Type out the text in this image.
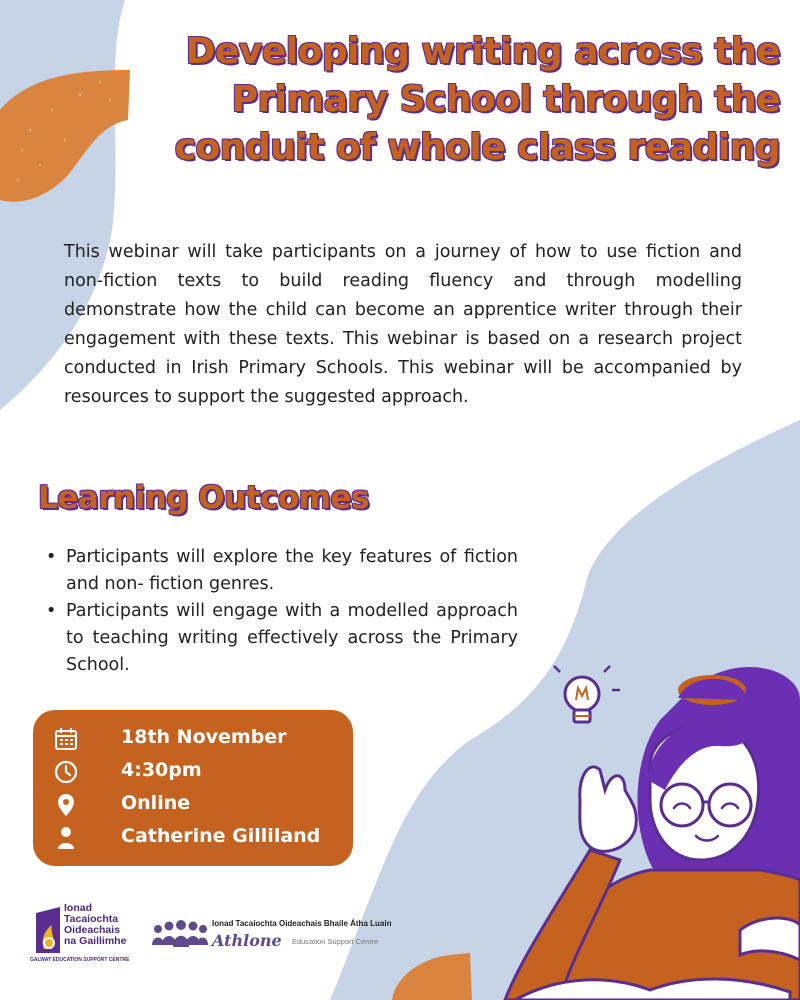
Developing writing across the Primary School through the conduit of whole class reading

This webinar will take participants on a journey of how to use fiction and non-fiction texts to build reading fluency and through modelling demonstrate how the child can become an apprentice writer through their engagement with these texts. This webinar is based on a research project conducted in Irish Primary Schools. This webinar will be accompanied by resources to support the suggested approach.

Learning Outcomes
• Participants will explore the key features of fiction and non- fiction genres.
• Participants will engage with a modelled approach to teaching writing effectively across the Primary School.
18th November
4:30pm
Online
Catherine Gilliland
Ionad
Tacaíochta
Oideachais
na Gaillimhe
GALWAY EDUCATION SUPPORT CENTRE
Ionad Tacaíochta Oideachais Bhaile Átha Luain
Athlone Education Support Centre
